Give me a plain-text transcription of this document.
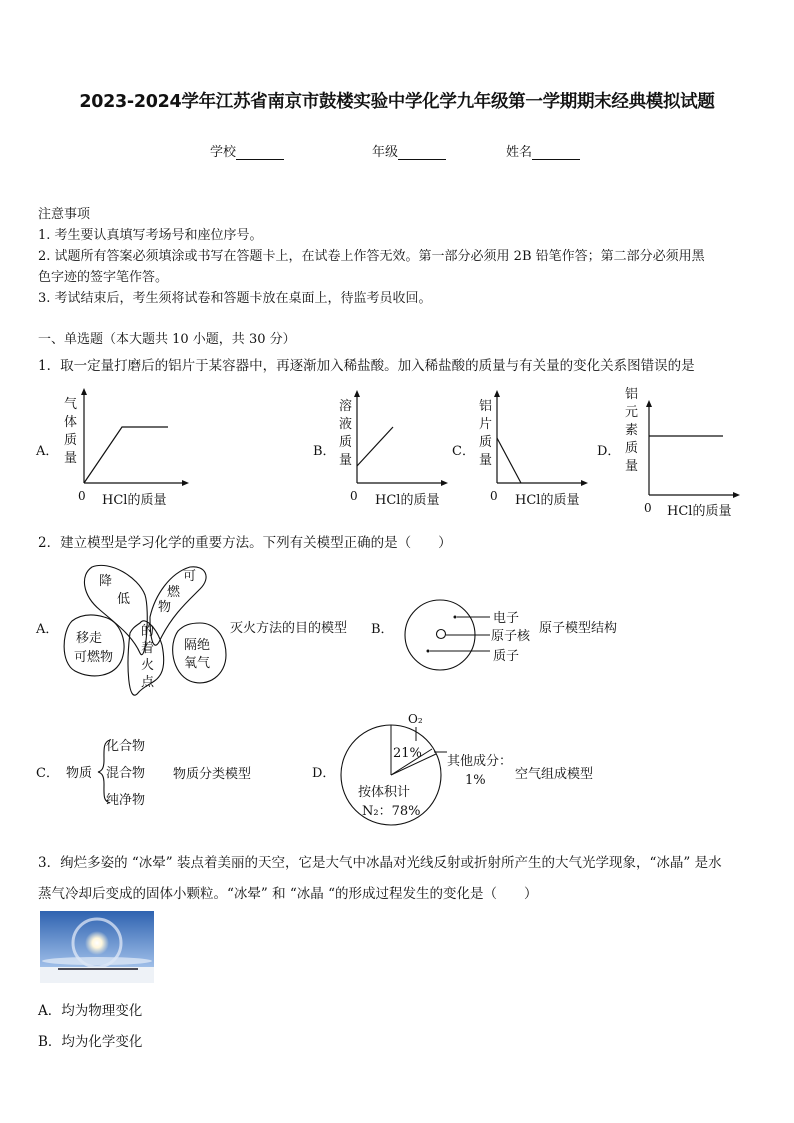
2023-2024学年江苏省南京市鼓楼实验中学化学九年级第一学期期末经典模拟试题
学校	年级	姓名
注意事项
1. 考生要认真填写考场号和座位序号。
2. 试题所有答案必须填涂或书写在答题卡上，在试卷上作答无效。第一部分必须用 2B 铅笔作答；第二部分必须用黑
色字迹的签字笔作答。
3. 考试结束后，考生须将试卷和答题卡放在桌面上，待监考员收回。
一、单选题（本大题共 10 小题，共 30 分）
1．取一定量打磨后的铝片于某容器中，再逐渐加入稀盐酸。加入稀盐酸的质量与有关量的变化关系图错误的是
A．
气
体
质
量
0 HCl的质量
B．
溶
液
质
量
0 HCl的质量
C．
铝
片
质
量
0 HCl的质量
D．
铝
元
素
质
量
0 HCl的质量
2．建立模型是学习化学的重要方法。下列有关模型正确的是（　　）
A．
降
低
可
燃
物
的
着
火
点
移走
可燃物
隔绝
氧气
灭火方法的目的模型 B．
电子
原子核
质子
原子模型结构
C． 物质
化合物
混合物
纯净物
物质分类模型	D．
O₂
21%
其他成分：
1%
按体积计
N₂：78%
空气组成模型
3．绚烂多姿的 “冰晕” 装点着美丽的天空，它是大气中冰晶对光线反射或折射所产生的大气光学现象，“冰晶” 是水
蒸气冷却后变成的固体小颗粒。“冰晕” 和 “冰晶 “的形成过程发生的变化是（　　）
A．均为物理变化
B．均为化学变化
